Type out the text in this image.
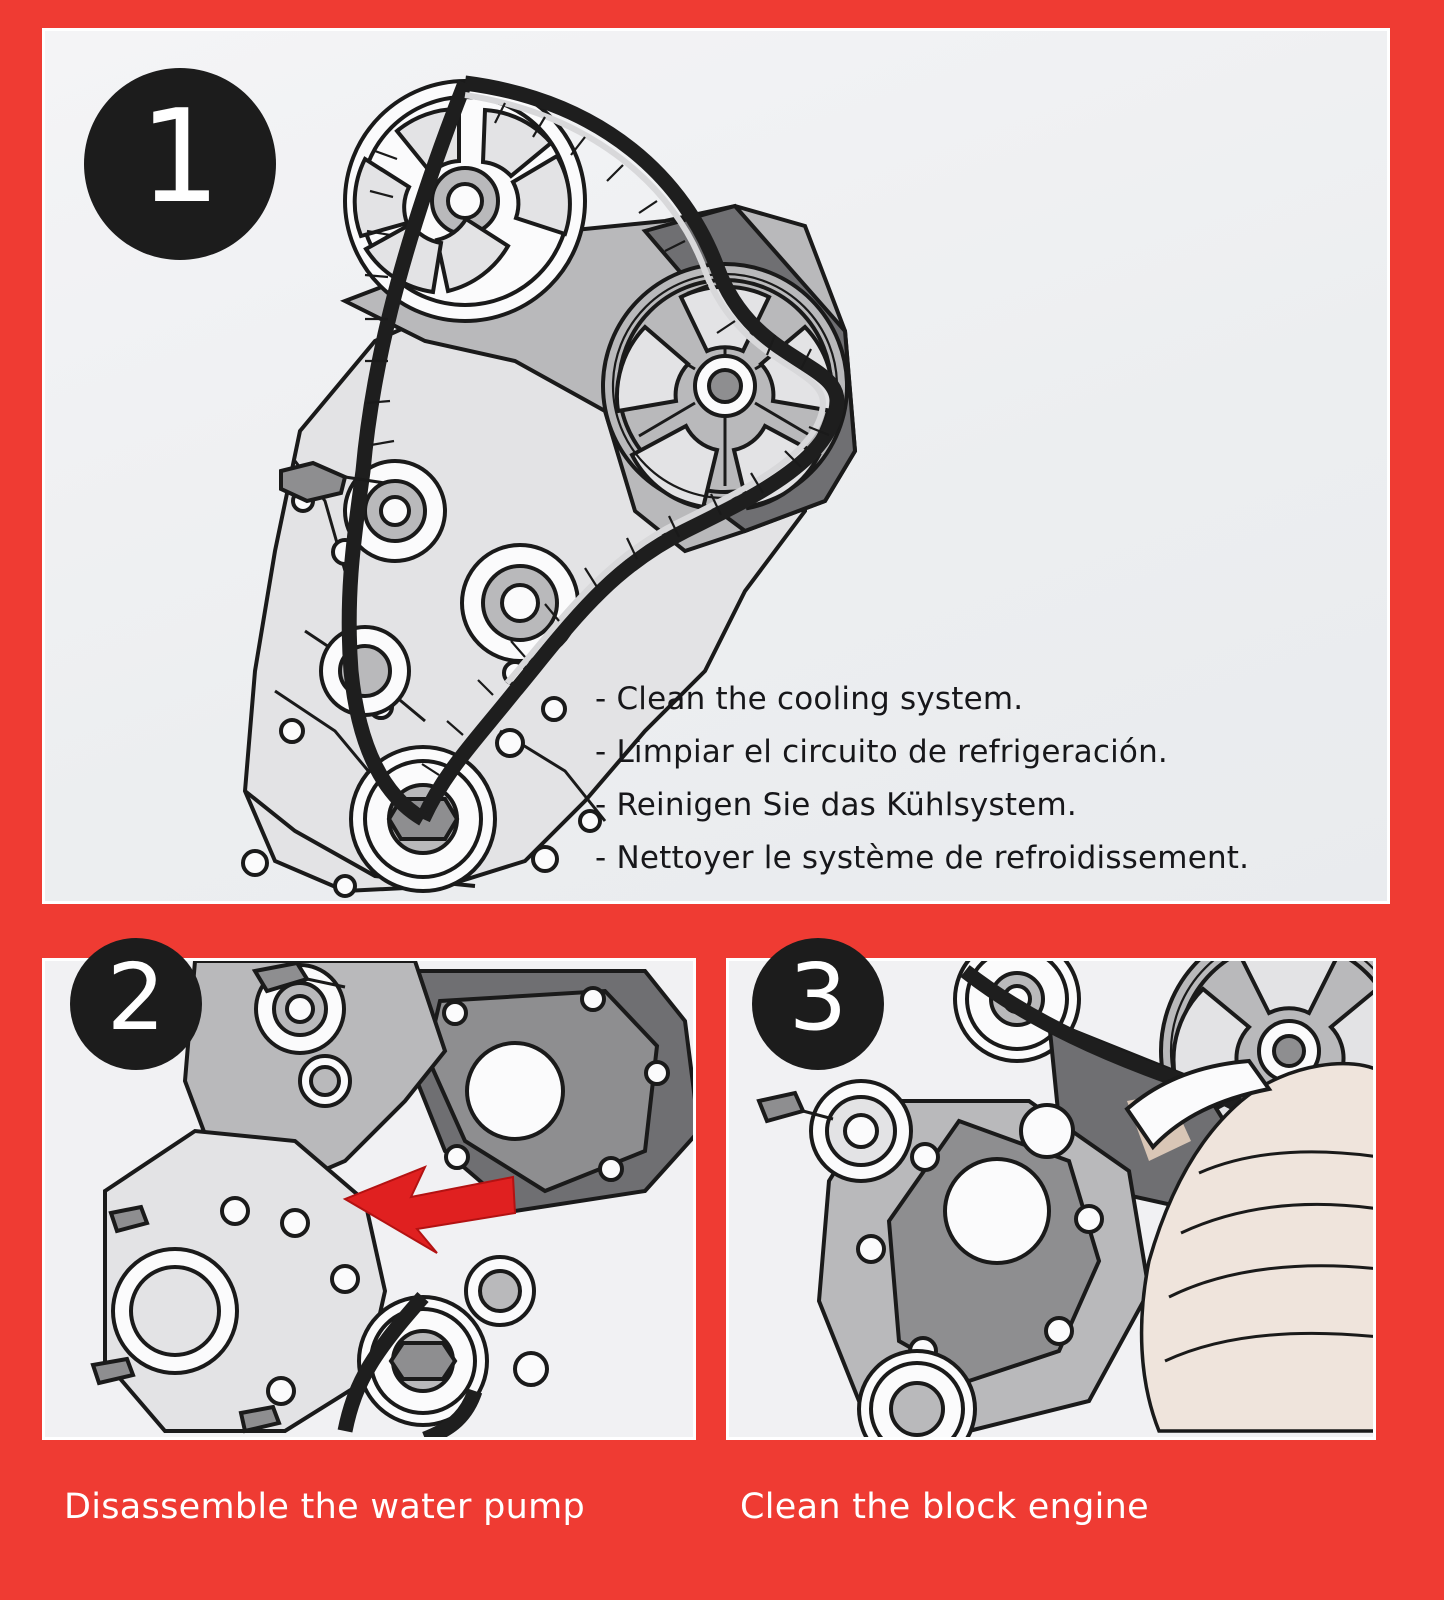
- Clean the cooling system.
- Limpiar el circuito de refrigeración.
- Reinigen Sie das Kühlsystem.
- Nettoyer le système de refroidissement.
1
2
Disassemble the water pump
3
Clean the block engine
